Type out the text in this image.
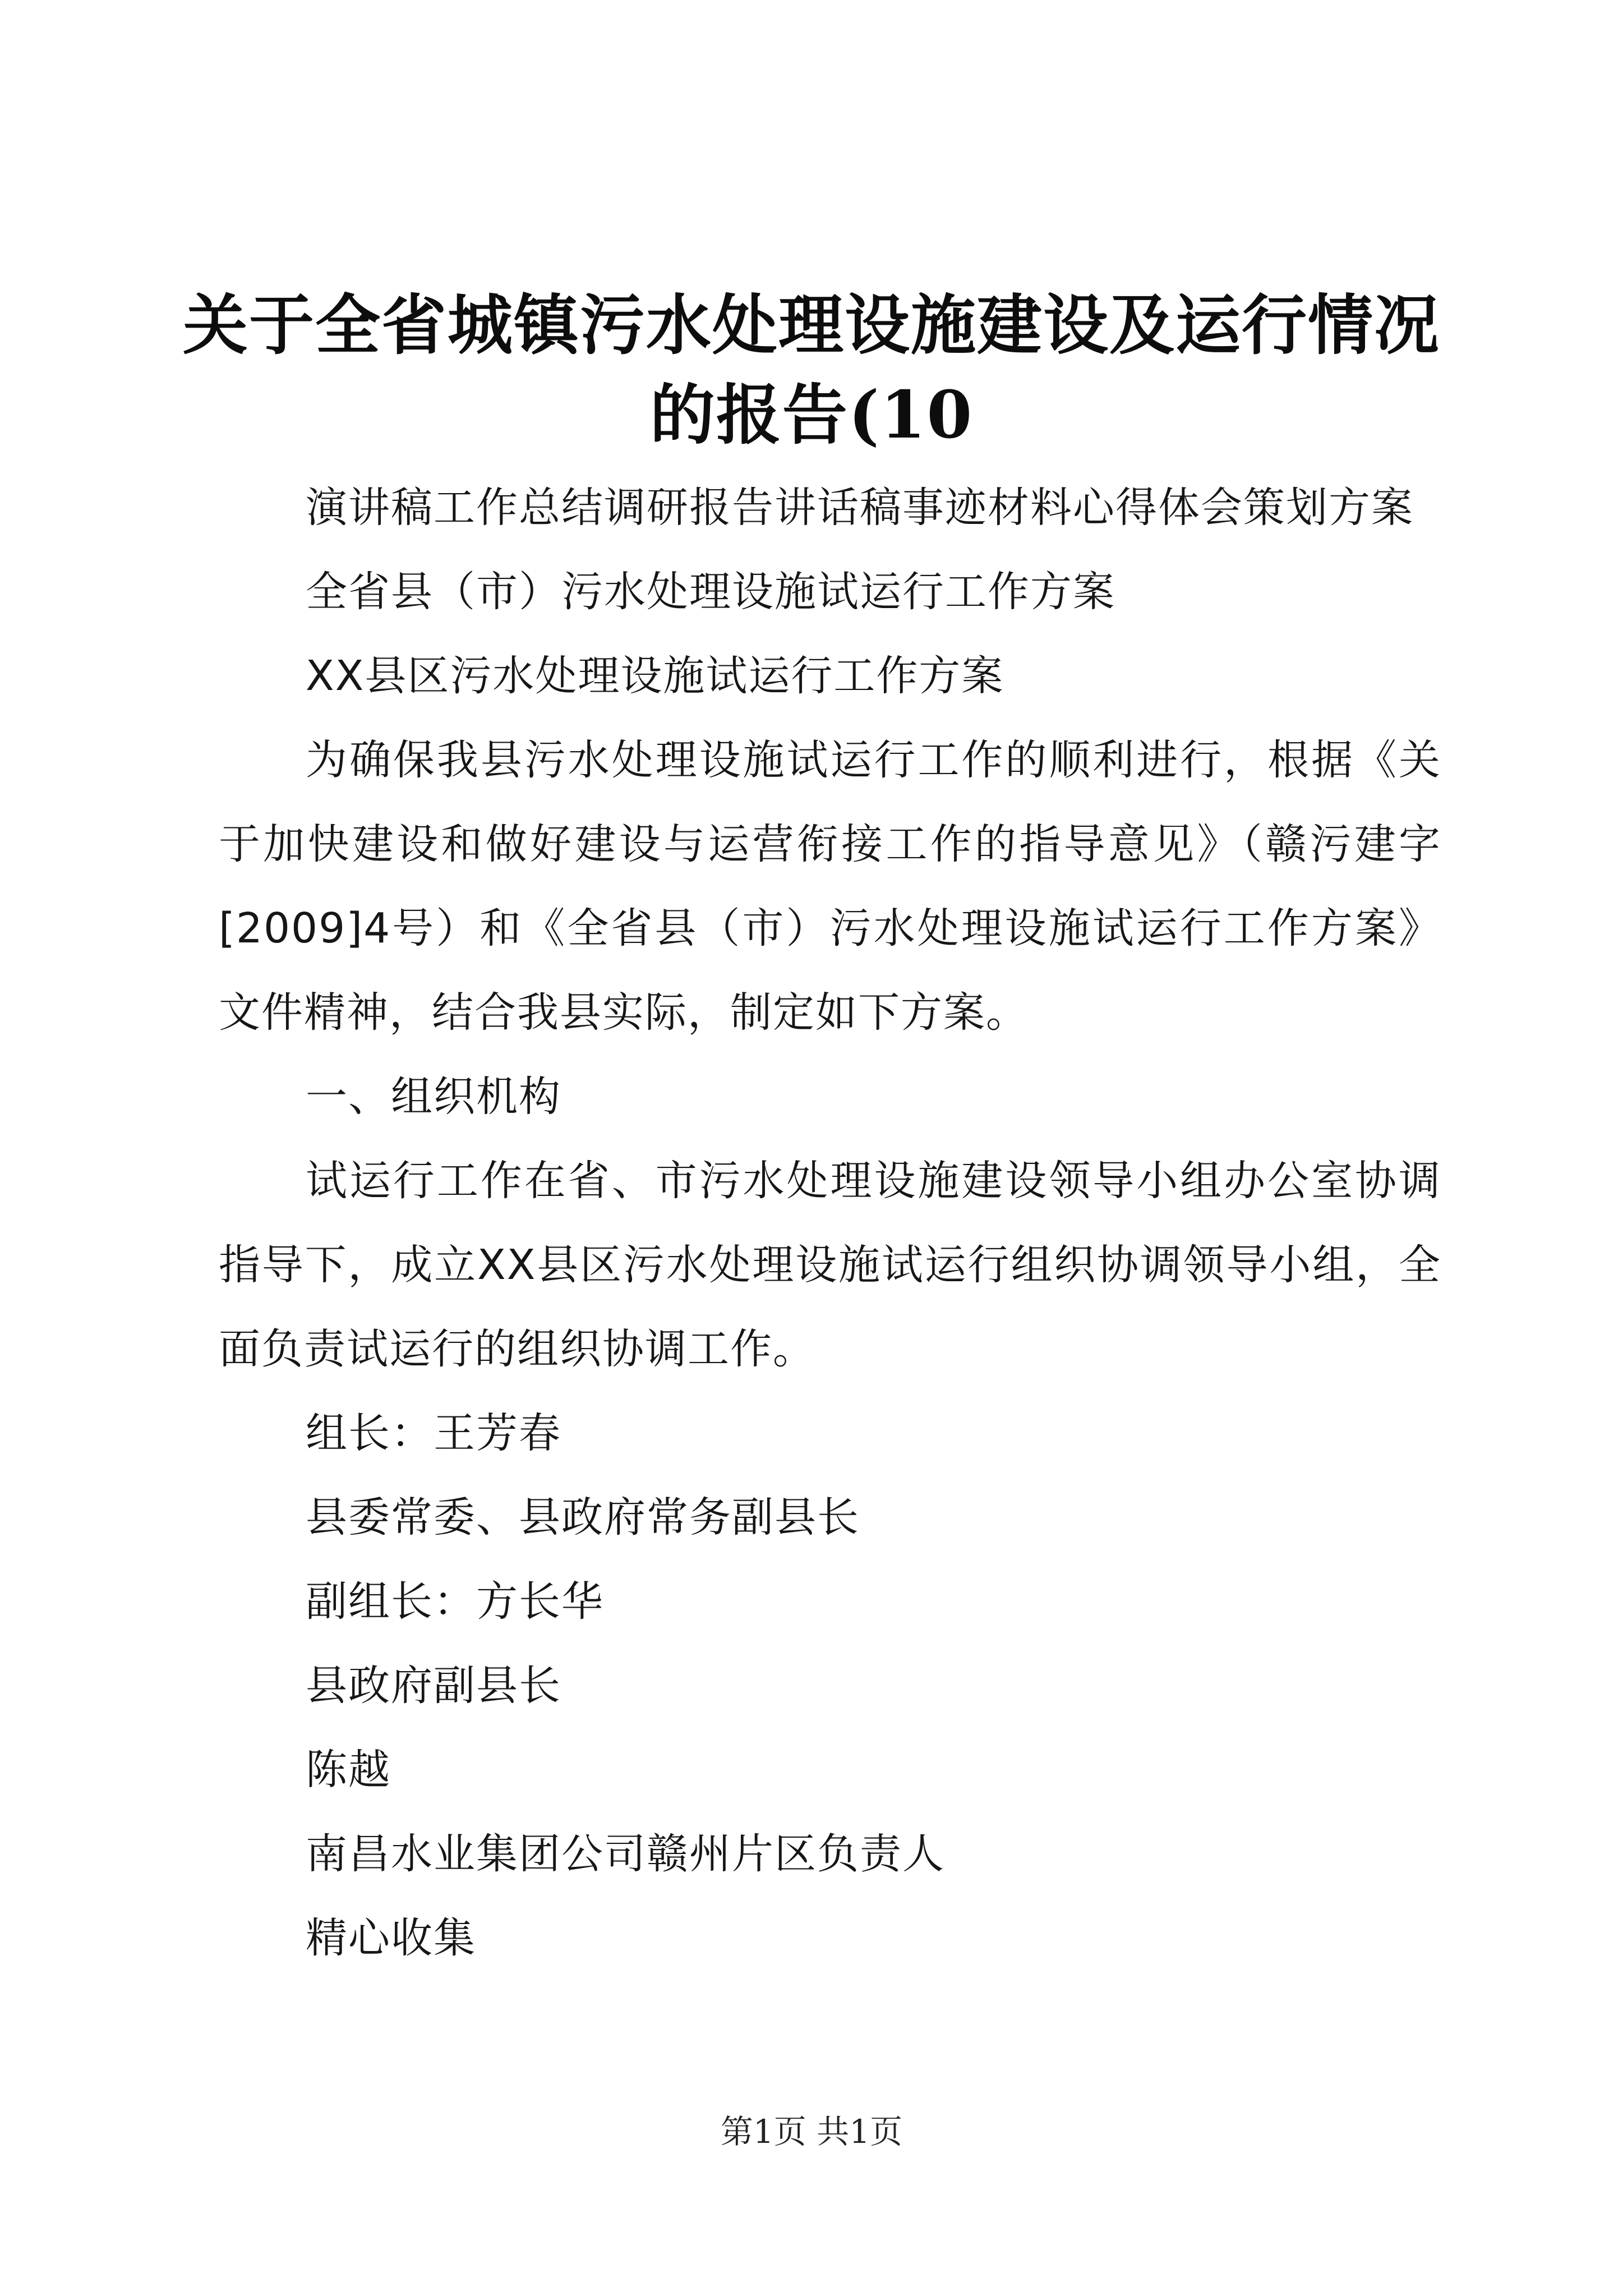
关于全省城镇污水处理设施建设及运行情况的报告(10

演讲稿工作总结调研报告讲话稿事迹材料心得体会策划方案

全省县（市）污水处理设施试运行工作方案

XX县区污水处理设施试运行工作方案

为确保我县污水处理设施试运行工作的顺利进行，根据《关于加快建设和做好建设与运营衔接工作的指导意见》（赣污建字[2009]4号）和《全省县（市）污水处理设施试运行工作方案》文件精神，结合我县实际，制定如下方案。

一、组织机构

试运行工作在省、市污水处理设施建设领导小组办公室协调指导下，成立XX县区污水处理设施试运行组织协调领导小组，全面负责试运行的组织协调工作。

组长：王芳春

县委常委、县政府常务副县长

副组长：方长华

县政府副县长

陈越

南昌水业集团公司赣州片区负责人

精心收集

第1页 共1页
